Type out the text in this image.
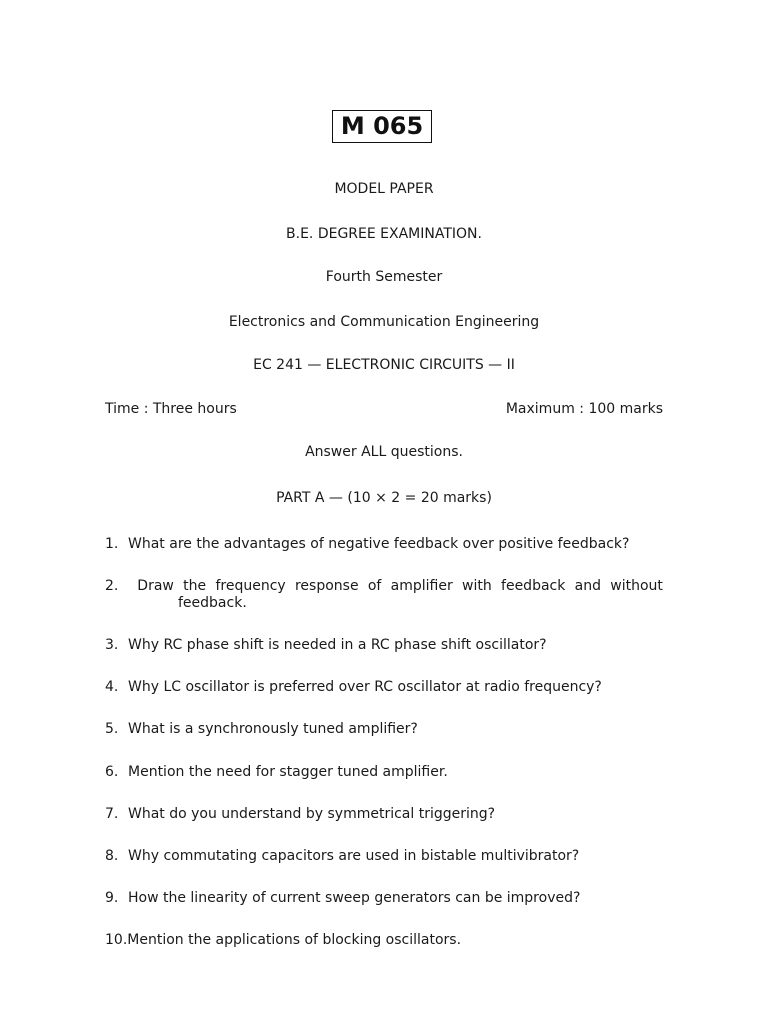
M 065
MODEL PAPER
B.E. DEGREE EXAMINATION.
Fourth Semester
Electronics and Communication Engineering
EC 241 — ELECTRONIC CIRCUITS — II
Time : Three hours	Maximum : 100 marks
Answer ALL questions.
PART A — (10 × 2 = 20 marks)
1. What are the advantages of negative feedback over positive feedback?
2.	Draw the frequency response of amplifier with feedback and without
feedback.
3. Why RC phase shift is needed in a RC phase shift oscillator?
4. Why LC oscillator is preferred over RC oscillator at radio frequency?
5. What is a synchronously tuned amplifier?
6. Mention the need for stagger tuned amplifier.
7. What do you understand by symmetrical triggering?
8. Why commutating capacitors are used in bistable multivibrator?
9. How the linearity of current sweep generators can be improved?
10.Mention the applications of blocking oscillators.
